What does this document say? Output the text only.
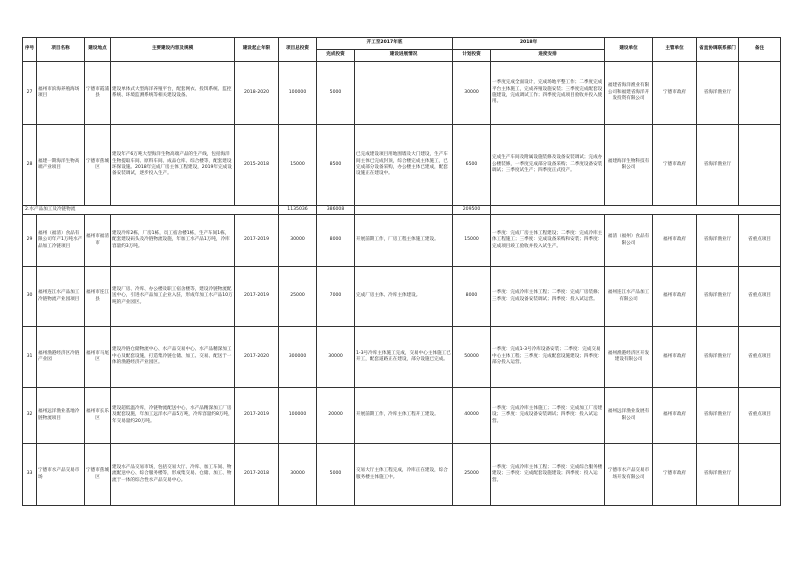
序号	项目名称	建设地点	主要建设内容及规模	建设起止年限	项目总投资	开工至2017年底		2018年		建设单位	主管单位	省直协调联系部门	备注
						完成投资	建设进展情况	计划投资	进度安排				
27	福州市滨海养殖海场项目	宁德市霞浦县	建设单体式大型海洋养殖平台，配套网衣、投饵系统、监控系统、环境监测系统等相关建设设备。	2018-2020	100000	5000		30000	一季度完成全面设计，完成场地平整工作；二季度完成平台主体施工，完成养殖设施安装；三季度完成配套设施建设，完成调试工作；四季度完成项目验收并投入使用。	福建省海洋渔业有限公司和福建省海洋开发投资有限公司	宁德市政府	省海洋渔业厅	
28	福建一期海洋生物高端产业项目	宁德市蕉城区	建设年产6万吨大型海洋生物高端产品的生产线，包括海洋生物提取车间、原料车间、成品仓库、综合楼等，配套建设环保设施。2018年完成厂房主体工程建设，2019年完成设备安装调试，逐步投入生产。	2015-2018	15000	8500	已完成建设项目用地围墙及大门建设，生产车间主体已完成封顶，综合楼完成主体施工，已完成部分设备采购，办公楼主体已建成，配套设施正在建设中。	6500	完成生产车间及附属设施装修及设备安装调试；完成办公楼装修，一季度完成部分设备采购；二季度设备安装调试；三季度试生产；四季度正式投产。	福建海洋生物科技有限公司	宁德市政府	省海洋渔业厅	
2.水产品加工及冷链物流					1135036	386008		209500					
29	福州（福清）食品有限公司年产1万吨水产品加工冷链项目	福州市福清市	建设冷库2栋，厂房1栋，员工宿舍楼1栋，生产车间1栋，配套建设码头及冷链物流设施，年加工水产品1万吨，冷库容量约3万吨。	2017-2019	30000	8000	开展前期工作，厂房工程主体施工建设。	15000	一季度：完成厂房主体工程建设；二季度：完成冷库主体工程施工；三季度：完成设备采购和安装；四季度：完成项目竣工验收并投入试生产。	福清（福州）食品有限公司	福州市政府	省海洋渔业厅	省重点项目
30	福州连江水产品加工冷链物流产业园项目	福州市连江县	建设厂房、冷库、办公楼及职工宿舍楼等，建设冷链物流配送中心，引进水产品加工企业入驻，形成年加工水产品10万吨的产业园区。	2017-2019	25000	7000	完成厂房主体、冷库主体建设。	8000	一季度：完成冷库主体工程；二季度：完成厂房装修；三季度：完成设备安装调试；四季度：投入试运营。	福州连江水产品加工有限公司	福州市政府	省海洋渔业厅	省重点项目
31	福州渔港经济区冷链产业园	福州市马尾区	建设冷链仓储物流中心、水产品交易中心、水产品精深加工中心及配套设施，打造集冷链仓储、加工、交易、配送于一体的渔港经济产业园区。	2017-2020	300000	30000	1-3号冷库主体施工完成，交易中心主体施工已开工，配套道路正在建设，部分设施已完成。	50000	一季度：完成1-3号冷库设备安装；二季度：完成交易中心主体工程；三季度：完成配套设施建设；四季度：部分投入运营。	福州渔港经济区开发建设有限公司	福州市政府	省海洋渔业厅	省重点项目
32	福州远洋渔业基地冷链物流项目	福州市长乐区	建设超低温冷库，冷链物流配送中心，水产品精深加工厂房及配套设施，年加工远洋水产品5万吨，冷库容量约8万吨，年交易量约20万吨。	2017-2019	100000	20000	开展前期工作，冷库主体工程开工建设。	40000	一季度：完成冷库主体施工；二季度：完成加工厂房建设；三季度：完成设备安装调试；四季度：投入试运营。	福州远洋渔业发展有限公司	福州市政府	省海洋渔业厅	省重点项目
33	宁德市水产品交易市场	宁德市蕉城区	建设水产品交易市场，包括交易大厅、冷库、加工车间、物流配送中心、综合服务楼等，形成集交易、仓储、加工、物流于一体的综合性水产品交易中心。	2017-2018	30000	5000	交易大厅主体工程完成，冷库正在建设，综合服务楼主体施工中。	25000	一季度：完成冷库主体工程；二季度：完成综合服务楼建设；三季度：完成配套设施建设；四季度：投入运营。	宁德市水产品交易市场开发有限公司	宁德市政府	省海洋渔业厅	
